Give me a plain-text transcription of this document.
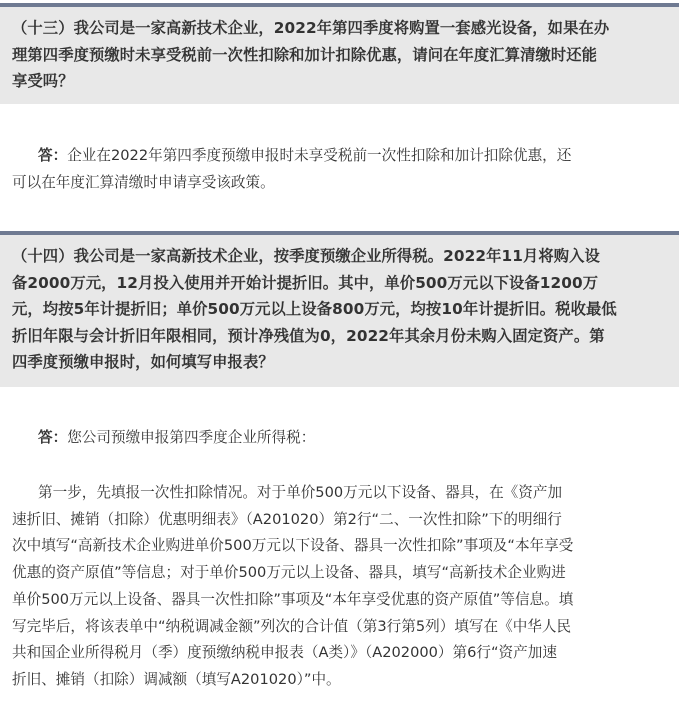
（十三）我公司是一家高新技术企业，2022年第四季度将购置一套感光设备，如果在办
理第四季度预缴时未享受税前一次性扣除和加计扣除优惠，请问在年度汇算清缴时还能
享受吗？

答：企业在2022年第四季度预缴申报时未享受税前一次性扣除和加计扣除优惠，还
可以在年度汇算清缴时申请享受该政策。

（十四）我公司是一家高新技术企业，按季度预缴企业所得税。2022年11月将购入设
备2000万元，12月投入使用并开始计提折旧。其中，单价500万元以下设备1200万
元，均按5年计提折旧；单价500万元以上设备800万元，均按10年计提折旧。税收最低
折旧年限与会计折旧年限相同，预计净残值为0，2022年其余月份未购入固定资产。第
四季度预缴申报时，如何填写申报表？

答：您公司预缴申报第四季度企业所得税：

第一步，先填报一次性扣除情况。对于单价500万元以下设备、器具，在《资产加
速折旧、摊销（扣除）优惠明细表》（A201020）第2行“二、一次性扣除”下的明细行
次中填写“高新技术企业购进单价500万元以下设备、器具一次性扣除”事项及“本年享受
优惠的资产原值”等信息；对于单价500万元以上设备、器具，填写“高新技术企业购进
单价500万元以上设备、器具一次性扣除”事项及“本年享受优惠的资产原值”等信息。填
写完毕后，将该表单中“纳税调减金额”列次的合计值（第3行第5列）填写在《中华人民
共和国企业所得税月（季）度预缴纳税申报表（A类）》（A202000）第6行“资产加速
折旧、摊销（扣除）调减额（填写A201020）”中。
